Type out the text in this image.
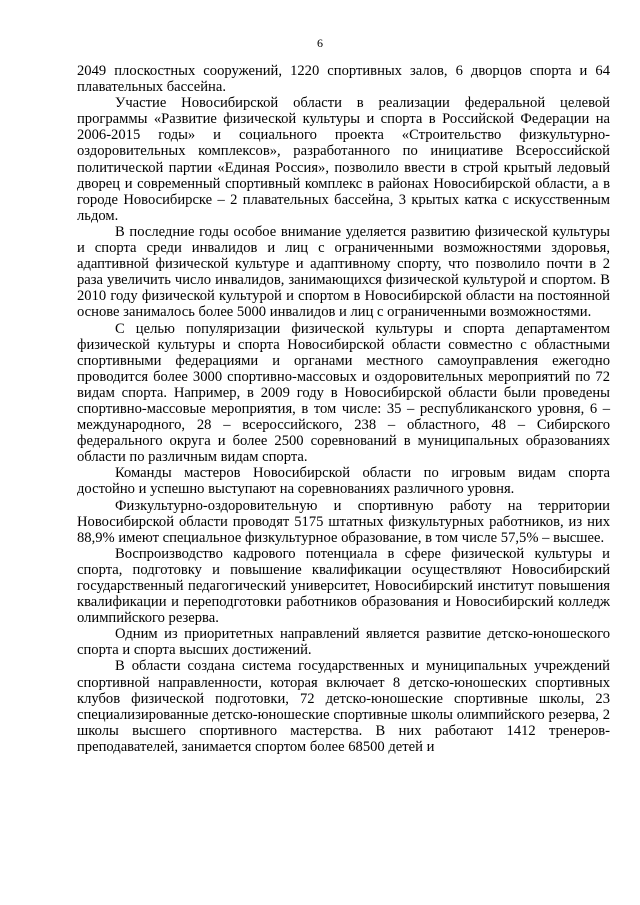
6

2049 плоскостных сооружений, 1220 спортивных залов, 6 дворцов спорта и 64 плавательных бассейна.

Участие Новосибирской области в реализации федеральной целевой программы «Развитие физической культуры и спорта в Российской Федерации на 2006-2015 годы» и социального проекта «Строительство физкультурно-оздоровительных комплексов», разработанного по инициативе Всероссийской политической партии «Единая Россия», позволило ввести в строй крытый ледовый дворец и современный спортивный комплекс в районах Новосибирской области, а в городе Новосибирске – 2 плавательных бассейна, 3 крытых катка с искусственным льдом.

В последние годы особое внимание уделяется развитию физической культуры и спорта среди инвалидов и лиц с ограниченными возможностями здоровья, адаптивной физической культуре и адаптивному спорту, что позволило почти в 2 раза увеличить число инвалидов, занимающихся физической культурой и спортом. В 2010 году физической культурой и спортом в Новосибирской области на постоянной основе занималось более 5000 инвалидов и лиц с ограниченными возможностями.

С целью популяризации физической культуры и спорта департаментом физической культуры и спорта Новосибирской области совместно с областными спортивными федерациями и органами местного самоуправления ежегодно проводится более 3000 спортивно-массовых и оздоровительных мероприятий по 72 видам спорта. Например, в 2009 году в Новосибирской области были проведены спортивно-массовые мероприятия, в том числе: 35 – республиканского уровня, 6 – международного, 28 – всероссийского, 238 – областного, 48 – Сибирского федерального округа и более 2500 соревнований в муниципальных образованиях области по различным видам спорта.

Команды мастеров Новосибирской области по игровым видам спорта достойно и успешно выступают на соревнованиях различного уровня.

Физкультурно-оздоровительную и спортивную работу на территории Новосибирской области проводят 5175 штатных физкультурных работников, из них 88,9% имеют специальное физкультурное образование, в том числе 57,5% – высшее.

Воспроизводство кадрового потенциала в сфере физической культуры и спорта, подготовку и повышение квалификации осуществляют Новосибирский государственный педагогический университет, Новосибирский институт повышения квалификации и переподготовки работников образования и Новосибирский колледж олимпийского резерва.

Одним из приоритетных направлений является развитие детско-юношеского спорта и спорта высших достижений.

В области создана система государственных и муниципальных учреждений спортивной направленности, которая включает 8 детско-юношеских спортивных клубов физической подготовки, 72 детско-юношеские спортивные школы, 23 специализированные детско-юношеские спортивные школы олимпийского резерва, 2 школы высшего спортивного мастерства. В них работают 1412 тренеров-преподавателей, занимается спортом более 68500 детей и
